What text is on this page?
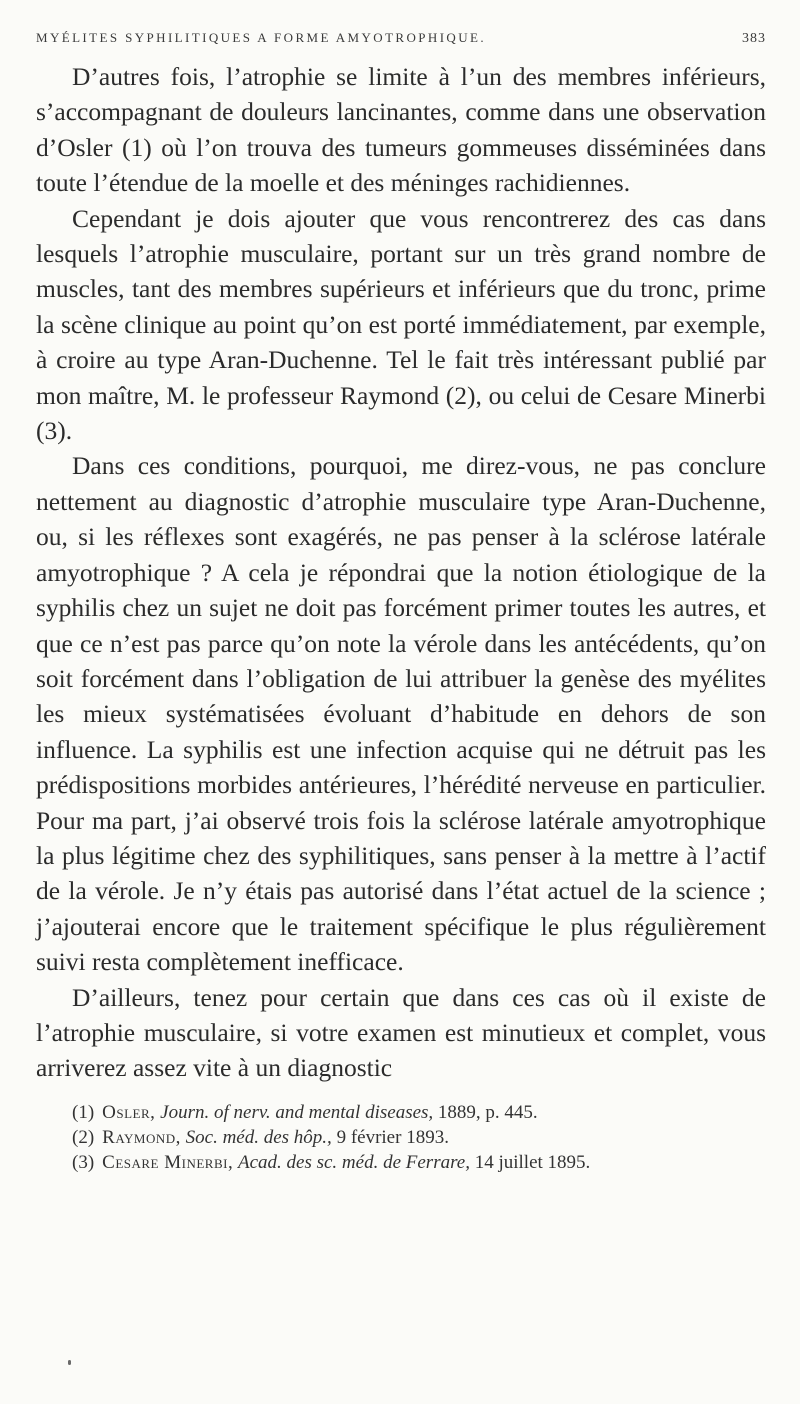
MYÉLITES SYPHILITIQUES A FORME AMYOTROPHIQUE.	383

D’autres fois, l’atrophie se limite à l’un des membres inférieurs, s’accompagnant de douleurs lancinantes, comme dans une observation d’Osler (1) où l’on trouva des tumeurs gommeuses disséminées dans toute l’étendue de la moelle et des méninges rachidiennes.

Cependant je dois ajouter que vous rencontrerez des cas dans lesquels l’atrophie musculaire, portant sur un très grand nombre de muscles, tant des membres supérieurs et inférieurs que du tronc, prime la scène clinique au point qu’on est porté immédiatement, par exemple, à croire au type Aran-Duchenne. Tel le fait très intéressant publié par mon maître, M. le professeur Raymond (2), ou celui de Cesare Minerbi (3).

Dans ces conditions, pourquoi, me direz-vous, ne pas conclure nettement au diagnostic d’atrophie musculaire type Aran-Duchenne, ou, si les réflexes sont exagérés, ne pas penser à la sclérose latérale amyotrophique ? A cela je répondrai que la notion étiologique de la syphilis chez un sujet ne doit pas forcément primer toutes les autres, et que ce n’est pas parce qu’on note la vérole dans les antécédents, qu’on soit forcément dans l’obligation de lui attribuer la genèse des myélites les mieux systématisées évoluant d’habitude en dehors de son influence. La syphilis est une infection acquise qui ne détruit pas les prédispositions morbides antérieures, l’hérédité nerveuse en particulier. Pour ma part, j’ai observé trois fois la sclérose latérale amyotrophique la plus légitime chez des syphilitiques, sans penser à la mettre à l’actif de la vérole. Je n’y étais pas autorisé dans l’état actuel de la science ; j’ajouterai encore que le traitement spécifique le plus régulièrement suivi resta complètement inefficace.

D’ailleurs, tenez pour certain que dans ces cas où il existe de l’atrophie musculaire, si votre examen est minutieux et complet, vous arriverez assez vite à un diagnostic

(1) Osler, Journ. of nerv. and mental diseases, 1889, p. 445.
(2) Raymond, Soc. méd. des hôp., 9 février 1893.
(3) Cesare Minerbi, Acad. des sc. méd. de Ferrare, 14 juillet 1895.
